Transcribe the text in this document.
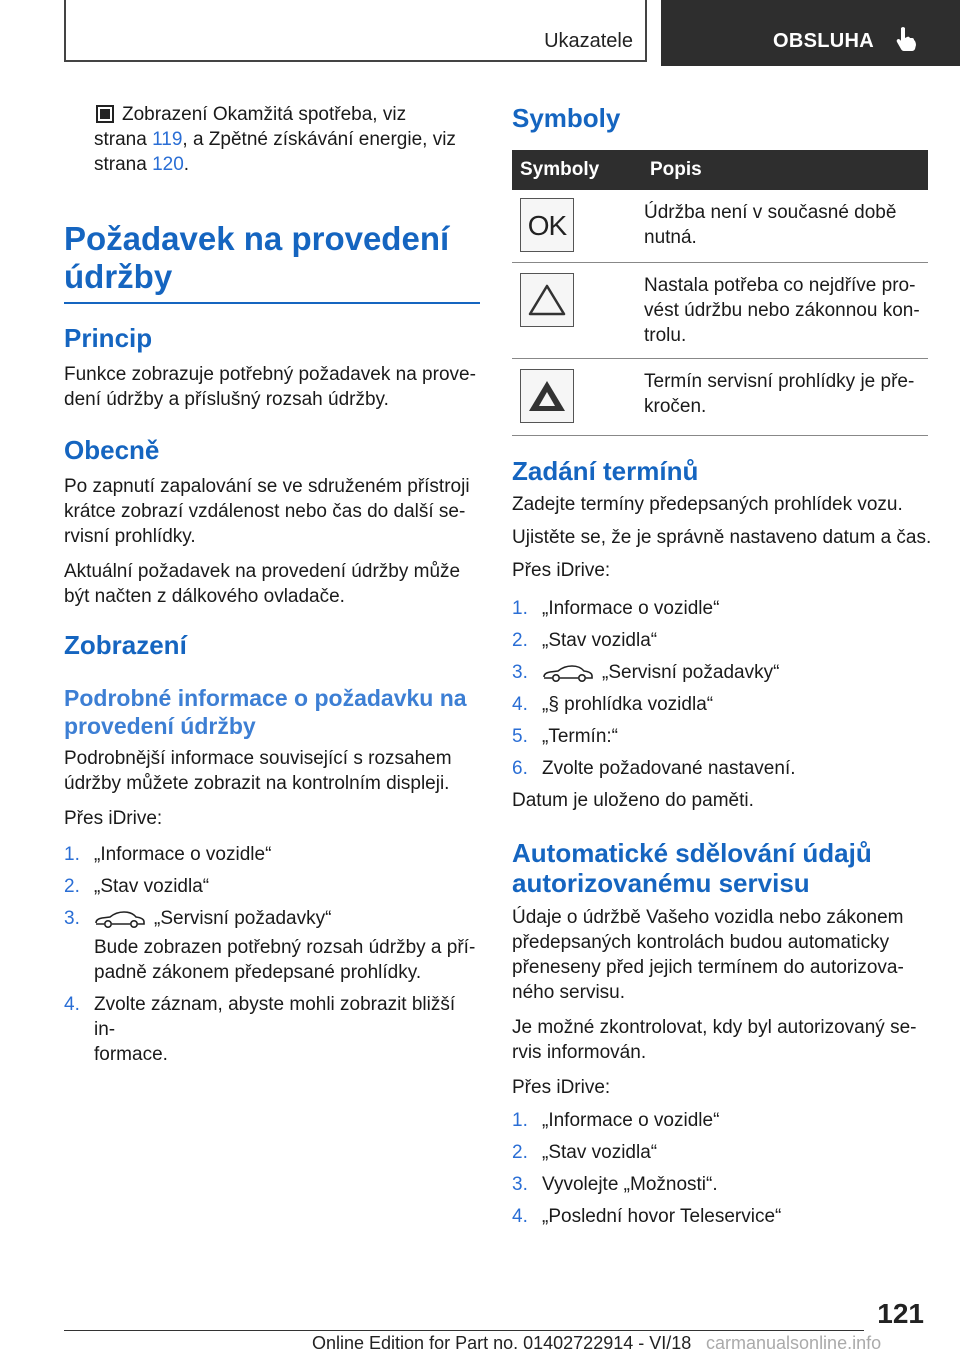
Ukazatele	OBSLUHA

Zobrazení Okamžitá spotřeba, viz

strana 119, a Zpětné získávání energie, viz

strana 120.

Požadavek na provedení
údržby
Princip

Funkce zobrazuje potřebný požadavek na prove‐

dení údržby a příslušný rozsah údržby.

Obecně

Po zapnutí zapalování se ve sdruženém přístroji

krátce zobrazí vzdálenost nebo čas do další se‐

rvisní prohlídky.

Aktuální požadavek na provedení údržby může

být načten z dálkového ovladače.

Zobrazení
Podrobné informace o požadavku na
provedení údržby

Podrobnější informace související s rozsahem

údržby můžete zobrazit na kontrolním displeji.

Přes iDrive:

1. „Informace o vozidle“
2. „Stav vozidla“
3.	„Servisní požadavky“
Bude zobrazen potřebný rozsah údržby a pří‐
padně zákonem předepsané prohlídky.
4. Zvolte záznam, abyste mohli zobrazit bližší in‐
formace.
Symboly
Symboly	Popis

OK	Údržba není v současné době
nutná.

Nastala potřeba co nejdříve pro‐
vést údržbu nebo zákonnou kon‐
trolu.

Termín servisní prohlídky je pře‐
kročen.
Zadání termínů

Zadejte termíny předepsaných prohlídek vozu.

Ujistěte se, že je správně nastaveno datum a čas.

Přes iDrive:

1. „Informace o vozidle“
2. „Stav vozidla“
3.	„Servisní požadavky“
4. „§ prohlídka vozidla“
5. „Termín:“
6. Zvolte požadované nastavení.

Datum je uloženo do paměti.

Automatické sdělování údajů
autorizovanému servisu

Údaje o údržbě Vašeho vozidla nebo zákonem

předepsaných kontrolách budou automaticky

přeneseny před jejich termínem do autorizova‐

ného servisu.

Je možné zkontrolovat, kdy byl autorizovaný se‐

rvis informován.

Přes iDrive:

1. „Informace o vozidle“
2. „Stav vozidla“
3. Vyvolejte „Možnosti“.
4. „Poslední hovor Teleservice“
121
Online Edition for Part no. 01402722914 - VI/18 carmanualsonline.info
